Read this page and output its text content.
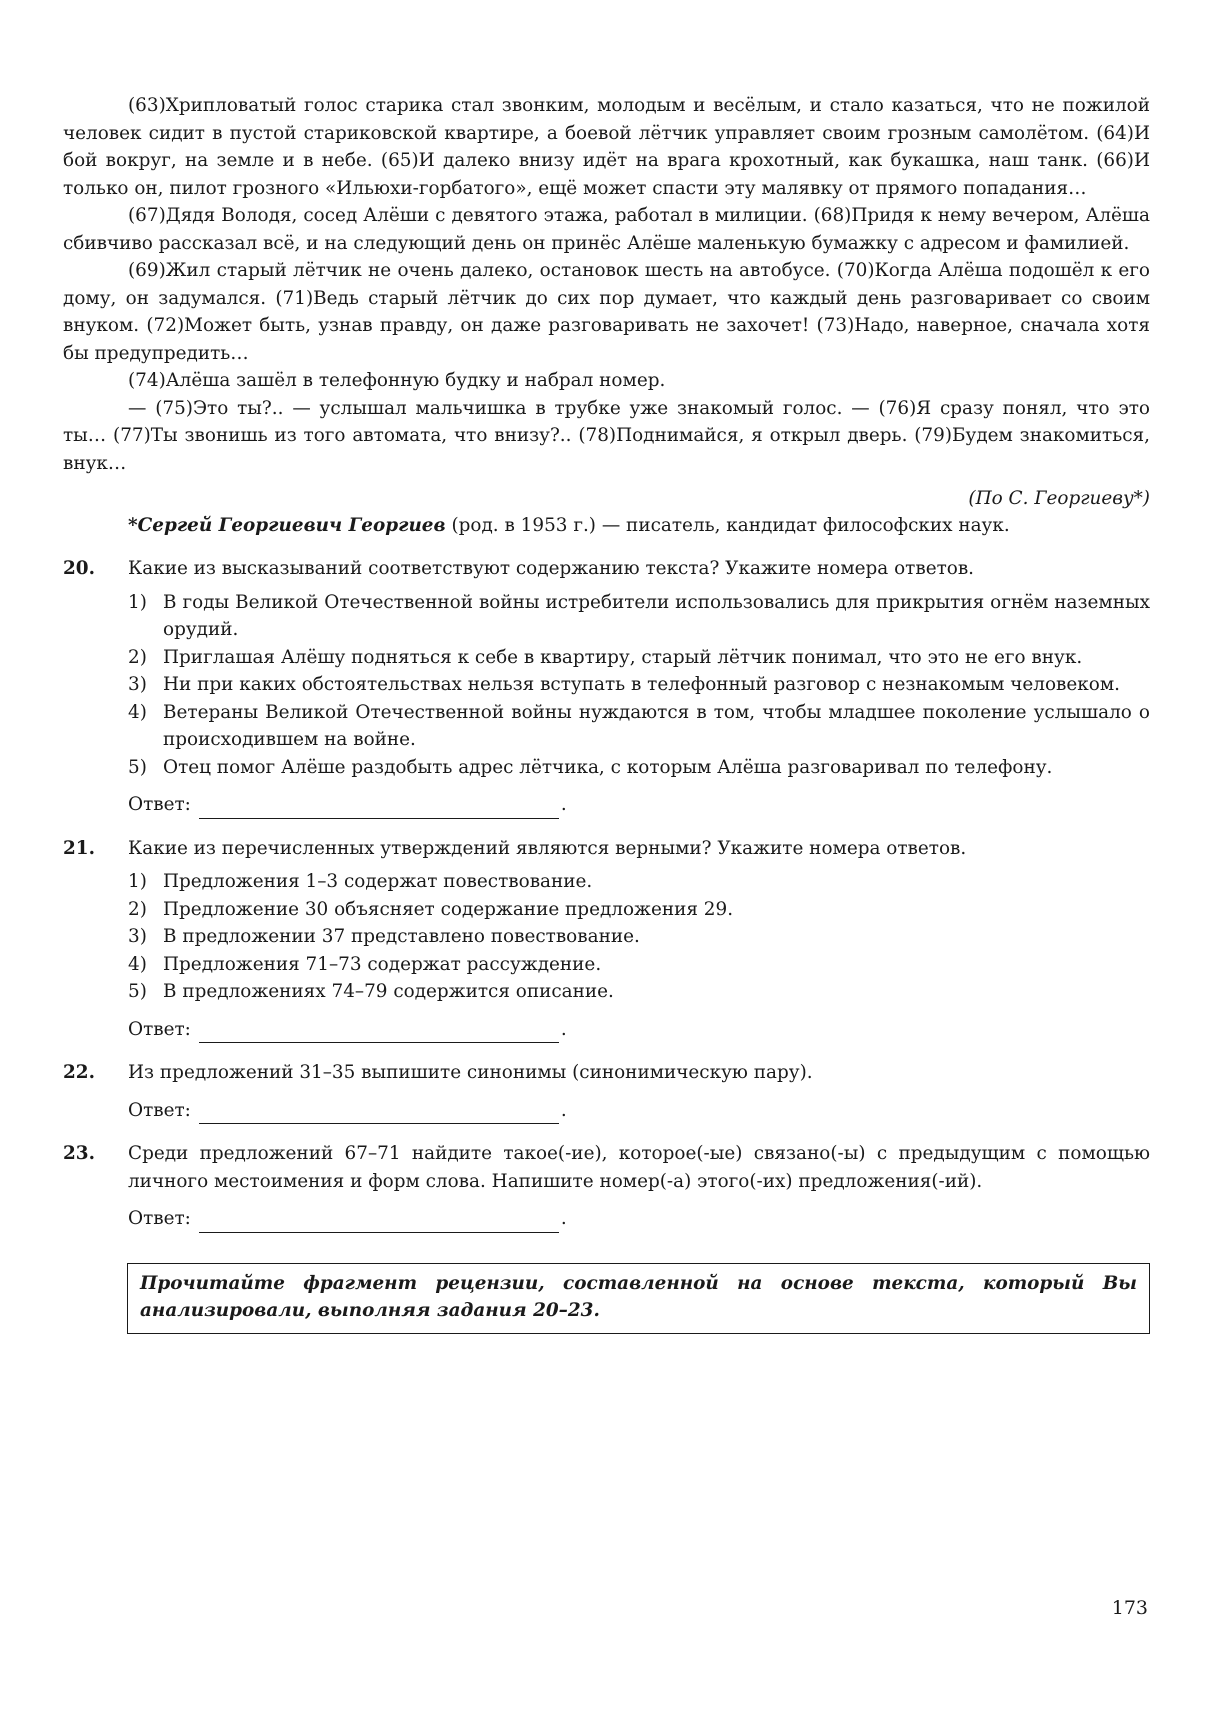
(63)Хрипловатый голос старика стал звонким, молодым и весёлым, и стало казаться, что не пожилой человек сидит в пустой стариковской квартире, а боевой лётчик управляет своим грозным самолётом. (64)И бой вокруг, на земле и в небе. (65)И далеко внизу идёт на врага крохотный, как букашка, наш танк. (66)И только он, пилот грозного «Ильюхи-горбатого», ещё может спасти эту малявку от прямого попадания…

(67)Дядя Володя, сосед Алёши с девятого этажа, работал в милиции. (68)Придя к нему вечером, Алёша сбивчиво рассказал всё, и на следующий день он принёс Алёше маленькую бумажку с адресом и фамилией.

(69)Жил старый лётчик не очень далеко, остановок шесть на автобусе. (70)Когда Алёша подошёл к его дому, он задумался. (71)Ведь старый лётчик до сих пор думает, что каждый день разговаривает со своим внуком. (72)Может быть, узнав правду, он даже разговаривать не захочет! (73)Надо, наверное, сначала хотя бы предупредить…

(74)Алёша зашёл в телефонную будку и набрал номер.

— (75)Это ты?.. — услышал мальчишка в трубке уже знакомый голос. — (76)Я сразу понял, что это ты… (77)Ты звонишь из того автомата, что внизу?.. (78)Поднимайся, я открыл дверь. (79)Будем знакомиться, внук…

(По С. Георгиеву*)

*Сергей Георгиевич Георгиев (род. в 1953 г.) — писатель, кандидат философских наук.

20. Какие из высказываний соответствуют содержанию текста? Укажите номера ответов.

1) В годы Великой Отечественной войны истребители использовались для прикрытия огнём наземных орудий.
2) Приглашая Алёшу подняться к себе в квартиру, старый лётчик понимал, что это не его внук.
3) Ни при каких обстоятельствах нельзя вступать в телефонный разговор с незнакомым человеком.
4) Ветераны Великой Отечественной войны нуждаются в том, чтобы младшее поколение услышало о происходившем на войне.
5) Отец помог Алёше раздобыть адрес лётчика, с которым Алёша разговаривал по телефону.
Ответ:	.
21. Какие из перечисленных утверждений являются верными? Укажите номера ответов.

1) Предложения 1–3 содержат повествование.
2) Предложение 30 объясняет содержание предложения 29.
3) В предложении 37 представлено повествование.
4) Предложения 71–73 содержат рассуждение.
5) В предложениях 74–79 содержится описание.
Ответ:	.
22. Из предложений 31–35 выпишите синонимы (синонимическую пару).

Ответ:	.
23. Среди предложений 67–71 найдите такое(-ие), которое(-ые) связано(-ы) с предыдущим с помощью личного местоимения и форм слова. Напишите номер(-а) этого(-их) предложения(-ий).

Ответ:	.
Прочитайте фрагмент рецензии, составленной на основе текста, который Вы анализировали, выполняя задания 20–23.
173
